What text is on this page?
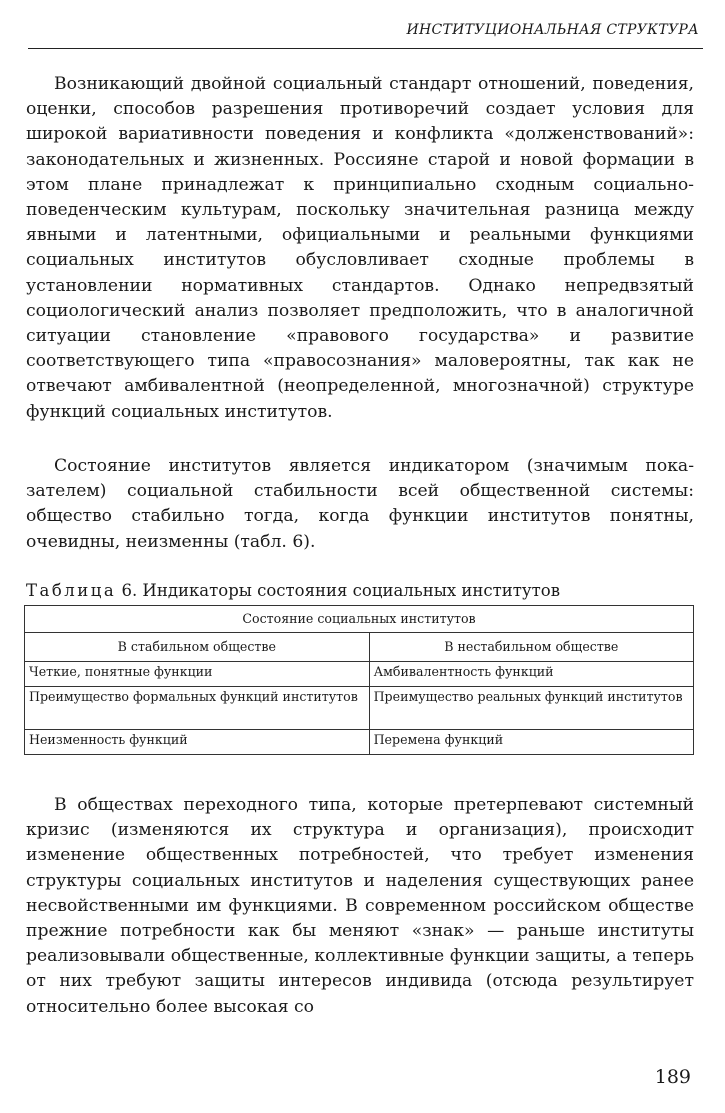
ИНСТИТУЦИОНАЛЬНАЯ СТРУКТУРА

Возникающий двойной социальный стандарт отношений, поведения, оценки, способов разрешения противоречий создает условия для широкой вариативности поведения и конфликта «долженствований»: законодательных и жизненных. Россияне старой и новой формации в этом плане принадлежат к принципиально сходным социально-поведенческим культурам, поскольку значительная разница между явными и латентными, официальными и реальными функциями социальных институтов обусловливает сходные проблемы в установлении нормативных стандартов. Однако непредвзятый социологический анализ позволяет предположить, что в аналогичной ситуации становление «правового государства» и развитие соответствующего типа «правосознания» маловероятны, так как не отвечают амбивалентной (неопределенной, многозначной) структуре функций социальных институтов.

Состояние институтов является индикатором (значимым показателем) социальной стабильности всей общественной системы: общество стабильно тогда, когда функции институтов понятны, очевидны, неизменны (табл. 6).

Таблица 6. Индикаторы состояния социальных институтов
Состояние социальных институтов	
В стабильном обществе	В нестабильном обществе
Четкие, понятные функции	Амбивалентность функций
Преимущество формальных функций институтов	Преимущество реальных функций институтов
Неизменность функций	Перемена функций

В обществах переходного типа, которые претерпевают системный кризис (изменяются их структура и организация), происходит изменение общественных потребностей, что требует изменения структуры социальных институтов и наделения существующих ранее несвойственными им функциями. В современном российском обществе прежние потребности как бы меняют «знак» — раньше институты реализовывали общественные, коллективные функции защиты, а теперь от них требуют защиты интересов индивида (отсюда результирует относительно более высокая со

189
